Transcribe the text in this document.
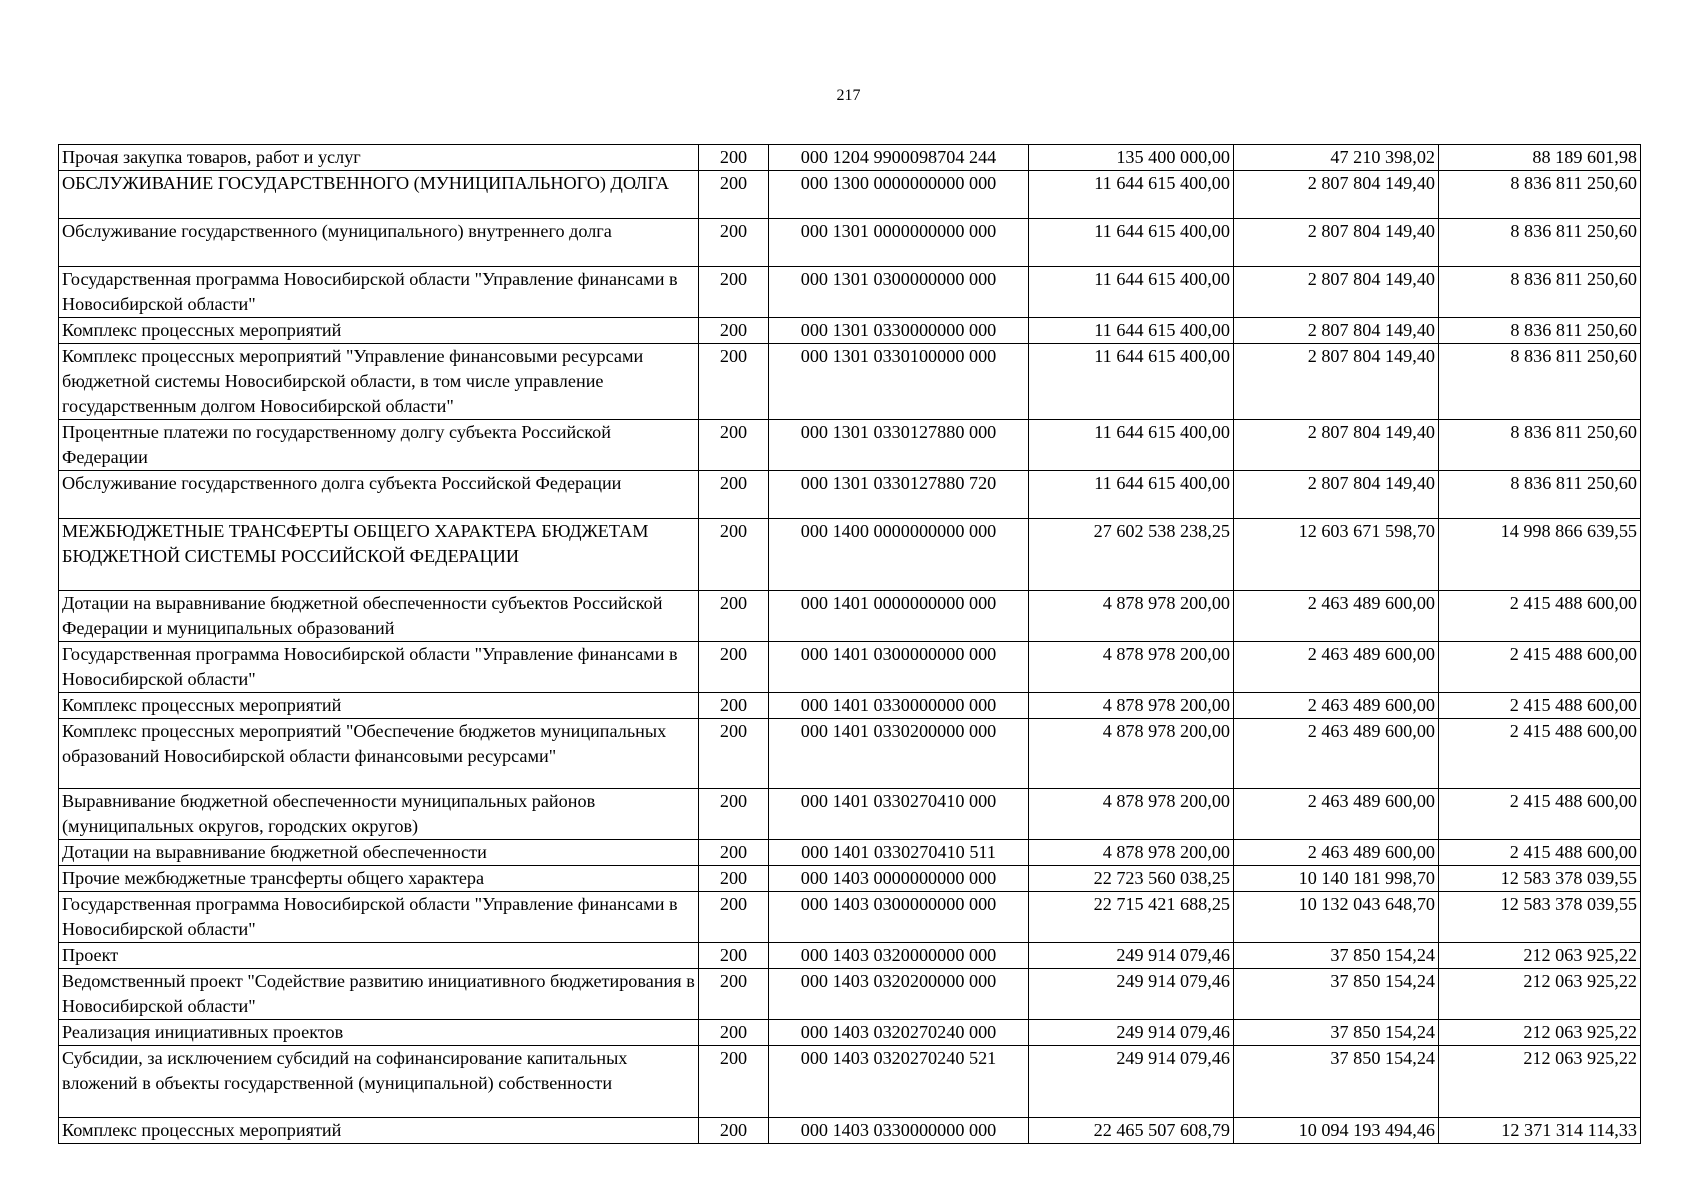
217
Прочая закупка товаров, работ и услуг	200	000 1204 9900098704 244	135 400 000,00	47 210 398,02	88 189 601,98
ОБСЛУЖИВАНИЕ ГОСУДАРСТВЕННОГО (МУНИЦИПАЛЬНОГО) ДОЛГА	200	000 1300 0000000000 000	11 644 615 400,00	2 807 804 149,40	8 836 811 250,60
Обслуживание государственного (муниципального) внутреннего долга	200	000 1301 0000000000 000	11 644 615 400,00	2 807 804 149,40	8 836 811 250,60
Государственная программа Новосибирской области "Управление финансами в Новосибирской области"	200	000 1301 0300000000 000	11 644 615 400,00	2 807 804 149,40	8 836 811 250,60
Комплекс процессных мероприятий	200	000 1301 0330000000 000	11 644 615 400,00	2 807 804 149,40	8 836 811 250,60
Комплекс процессных мероприятий "Управление финансовыми ресурсами бюджетной системы Новосибирской области, в том числе управление государственным долгом Новосибирской области"	200	000 1301 0330100000 000	11 644 615 400,00	2 807 804 149,40	8 836 811 250,60
Процентные платежи по государственному долгу субъекта Российской Федерации	200	000 1301 0330127880 000	11 644 615 400,00	2 807 804 149,40	8 836 811 250,60
Обслуживание государственного долга субъекта Российской Федерации	200	000 1301 0330127880 720	11 644 615 400,00	2 807 804 149,40	8 836 811 250,60
МЕЖБЮДЖЕТНЫЕ ТРАНСФЕРТЫ ОБЩЕГО ХАРАКТЕРА БЮДЖЕТАМ БЮДЖЕТНОЙ СИСТЕМЫ РОССИЙСКОЙ ФЕДЕРАЦИИ	200	000 1400 0000000000 000	27 602 538 238,25	12 603 671 598,70	14 998 866 639,55
Дотации на выравнивание бюджетной обеспеченности субъектов Российской Федерации и муниципальных образований	200	000 1401 0000000000 000	4 878 978 200,00	2 463 489 600,00	2 415 488 600,00
Государственная программа Новосибирской области "Управление финансами в Новосибирской области"	200	000 1401 0300000000 000	4 878 978 200,00	2 463 489 600,00	2 415 488 600,00
Комплекс процессных мероприятий	200	000 1401 0330000000 000	4 878 978 200,00	2 463 489 600,00	2 415 488 600,00
Комплекс процессных мероприятий "Обеспечение бюджетов муниципальных образований Новосибирской области финансовыми ресурсами"	200	000 1401 0330200000 000	4 878 978 200,00	2 463 489 600,00	2 415 488 600,00
Выравнивание бюджетной обеспеченности муниципальных районов (муниципальных округов, городских округов)	200	000 1401 0330270410 000	4 878 978 200,00	2 463 489 600,00	2 415 488 600,00
Дотации на выравнивание бюджетной обеспеченности	200	000 1401 0330270410 511	4 878 978 200,00	2 463 489 600,00	2 415 488 600,00
Прочие межбюджетные трансферты общего характера	200	000 1403 0000000000 000	22 723 560 038,25	10 140 181 998,70	12 583 378 039,55
Государственная программа Новосибирской области "Управление финансами в Новосибирской области"	200	000 1403 0300000000 000	22 715 421 688,25	10 132 043 648,70	12 583 378 039,55
Проект	200	000 1403 0320000000 000	249 914 079,46	37 850 154,24	212 063 925,22
Ведомственный проект "Содействие развитию инициативного бюджетирования в Новосибирской области"	200	000 1403 0320200000 000	249 914 079,46	37 850 154,24	212 063 925,22
Реализация инициативных проектов	200	000 1403 0320270240 000	249 914 079,46	37 850 154,24	212 063 925,22
Субсидии, за исключением субсидий на софинансирование капитальных вложений в объекты государственной (муниципальной) собственности	200	000 1403 0320270240 521	249 914 079,46	37 850 154,24	212 063 925,22
Комплекс процессных мероприятий	200	000 1403 0330000000 000	22 465 507 608,79	10 094 193 494,46	12 371 314 114,33
